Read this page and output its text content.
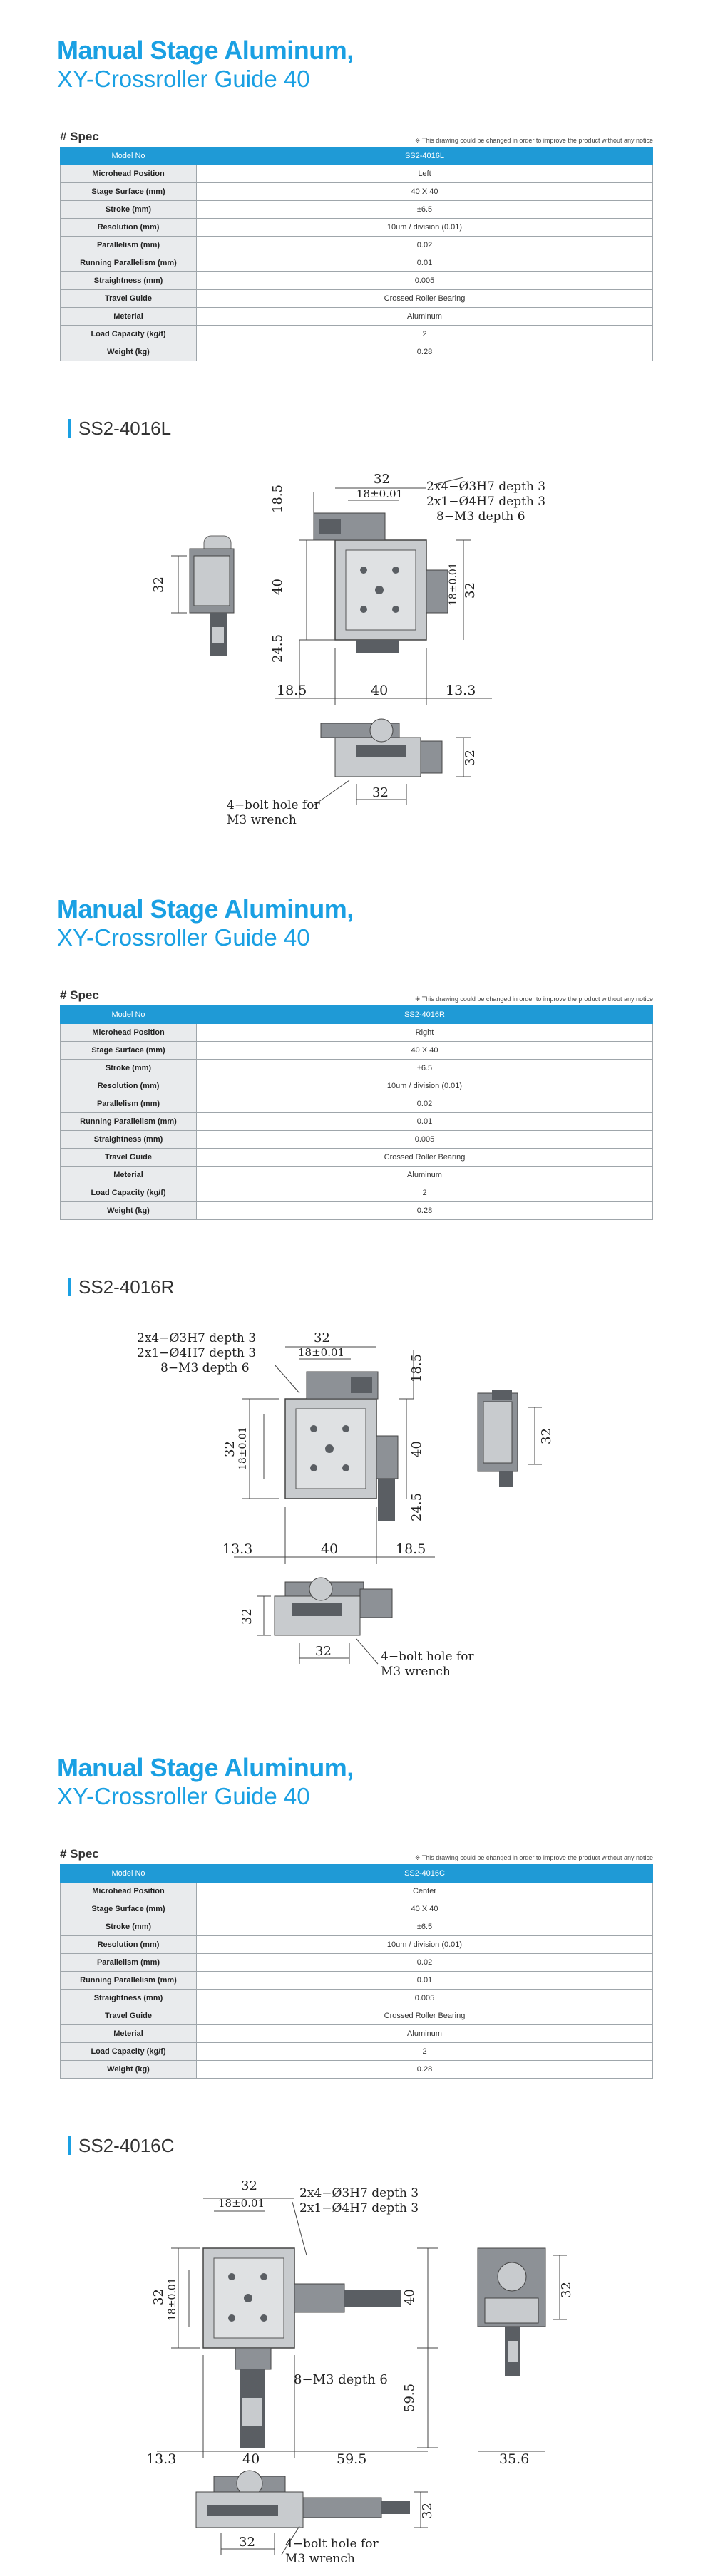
Manual Stage Aluminum,
XY-Crossroller Guide 40
# Spec	※ This drawing could be changed in order to improve the product without any notice
Model No	SS2-4016L
Microhead Position	Left
Stage Surface (mm)	40 X 40
Stroke (mm)	±6.5
Resolution (mm)	10um / division (0.01)
Parallelism (mm)	0.02
Running Parallelism (mm)	0.01
Straightness (mm)	0.005
Travel Guide	Crossed Roller Bearing
Meterial	Aluminum
Load Capacity (kg/f)	2
Weight (kg)	0.28
SS2-4016L
32
18±0.01 2x4−Ø3H7 depth 3
2x1−Ø4H7 depth 3
8−M3 depth 6
18.5
40
24.5
18±0.01 32
32
18.5	40	13.3
32
32
4−bolt hole for
M3 wrench
Manual Stage Aluminum,
XY-Crossroller Guide 40
# Spec	※ This drawing could be changed in order to improve the product without any notice
Model No	SS2-4016R
Microhead Position	Right
Stage Surface (mm)	40 X 40
Stroke (mm)	±6.5
Resolution (mm)	10um / division (0.01)
Parallelism (mm)	0.02
Running Parallelism (mm)	0.01
Straightness (mm)	0.005
Travel Guide	Crossed Roller Bearing
Meterial	Aluminum
Load Capacity (kg/f)	2
Weight (kg)	0.28
SS2-4016R
2x4−Ø3H7 depth 3
2x1−Ø4H7 depth 3
8−M3 depth 6
32
18±0.01
18.5
32 18±0.01	40
24.5
32
13.3	40	18.5
32
32	4−bolt hole for
M3 wrench
Manual Stage Aluminum,
XY-Crossroller Guide 40
# Spec	※ This drawing could be changed in order to improve the product without any notice
Model No	SS2-4016C
Microhead Position	Center
Stage Surface (mm)	40 X 40
Stroke (mm)	±6.5
Resolution (mm)	10um / division (0.01)
Parallelism (mm)	0.02
Running Parallelism (mm)	0.01
Straightness (mm)	0.005
Travel Guide	Crossed Roller Bearing
Meterial	Aluminum
Load Capacity (kg/f)	2
Weight (kg)	0.28
SS2-4016C
32
18±0.01
2x4−Ø3H7 depth 3
2x1−Ø4H7 depth 3
32 18±0.01	40
8−M3 depth 6
59.5
32
13.3	40	59.5	35.6
32
32 4−bolt hole for
M3 wrench
